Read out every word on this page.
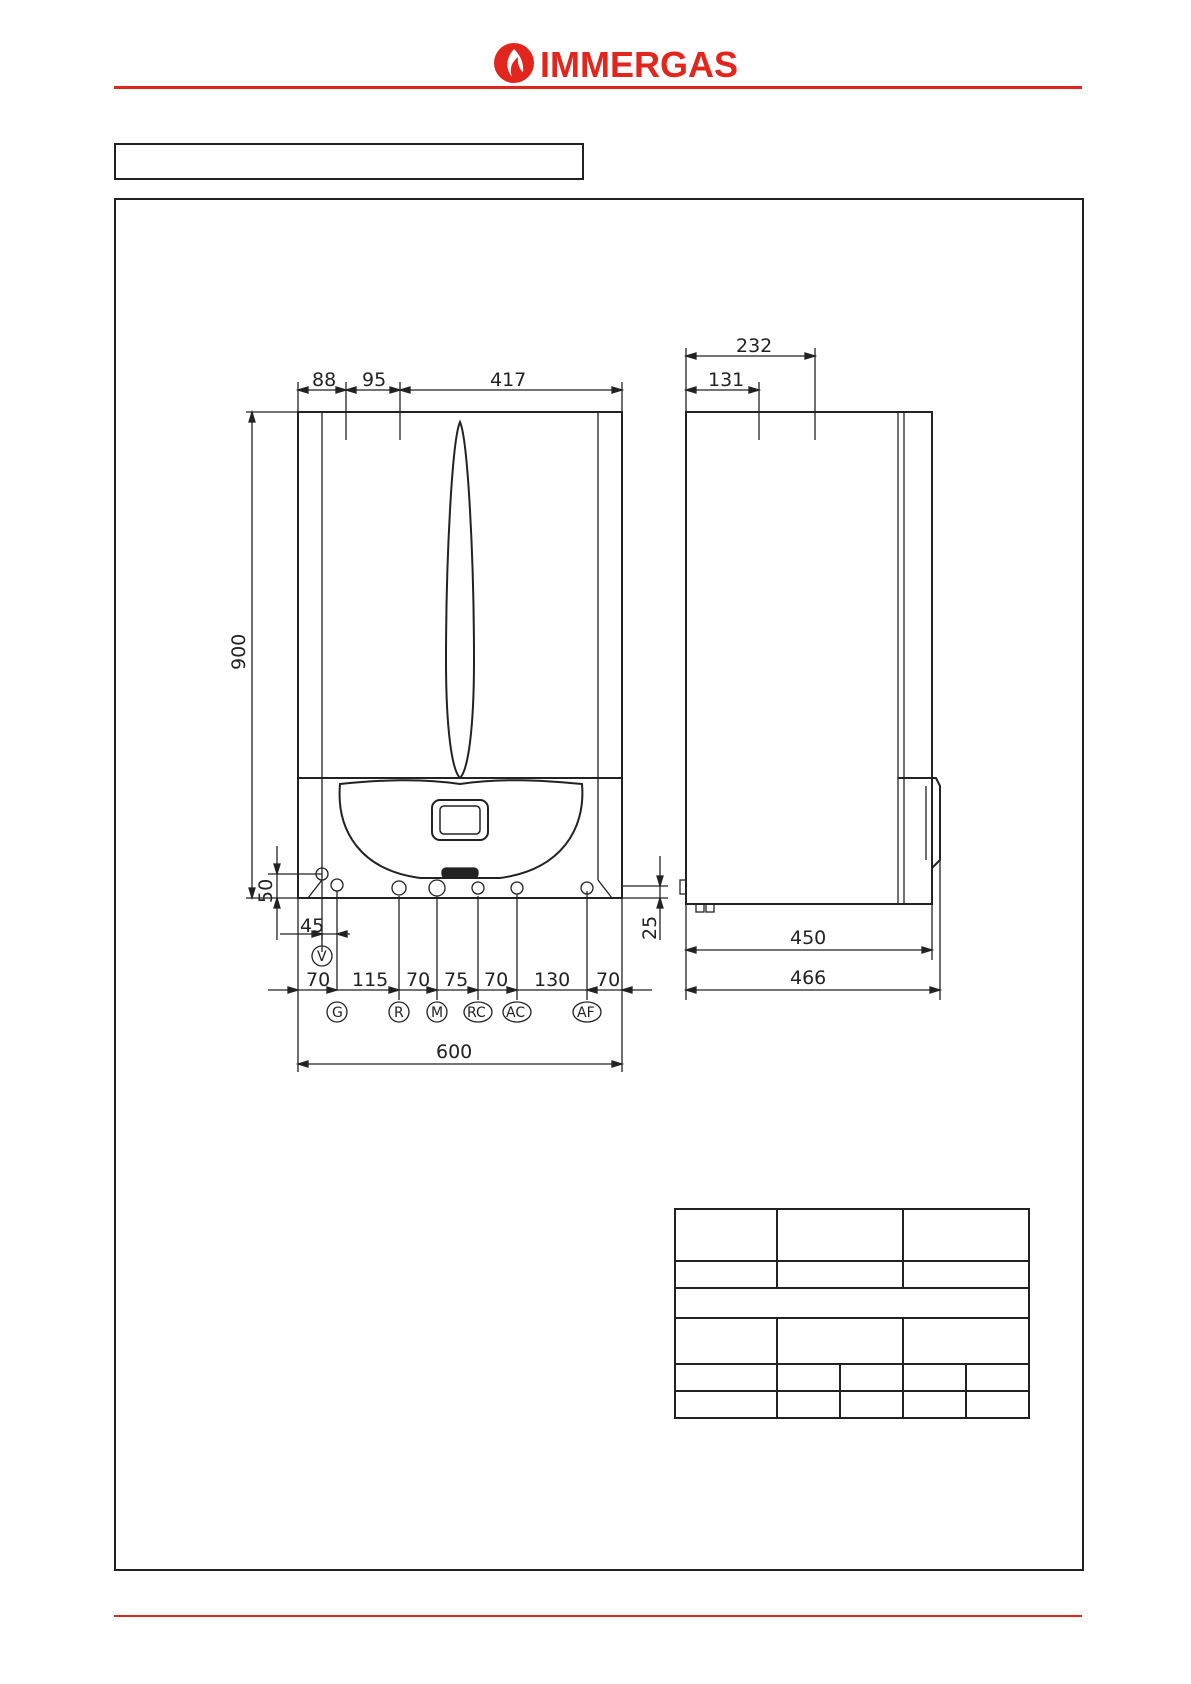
IMMERGAS
88 95	417
232
131
900
50
25
45
70 115 70 75 70 130 70
600
450
466
V
G	R M RC AC	AF
